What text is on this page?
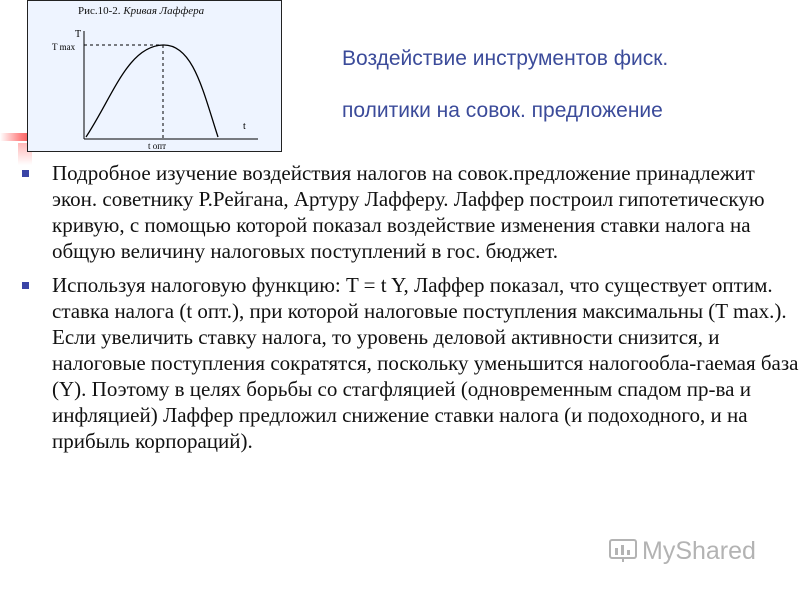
Рис.10-2. Кривая Лаффера
T
T max
t
t опт
Воздействие инструментов фиск.
политики на совок. предложение
Подробное изучение воздействия налогов на совок.предложение принадлежит экон. советнику Р.Рейгана, Артуру Лафферу. Лаффер построил гипотетическую кривую, с помощью которой показал воздействие изменения ставки налога на общую величину налоговых поступлений в гос. бюджет.
Используя налоговую функцию: T = t Y, Лаффер показал, что существует оптим. ставка налога (t опт.), при которой налоговые поступления максимальны (T max.). Если увеличить ставку налога, то уровень деловой активности снизится, и налоговые поступления сократятся, поскольку уменьшится налогообла-гаемая база (Y). Поэтому в целях борьбы со стагфляцией (одновременным спадом пр-ва и инфляцией) Лаффер предложил снижение ставки налога (и подоходного, и на прибыль корпораций).
MyShared
